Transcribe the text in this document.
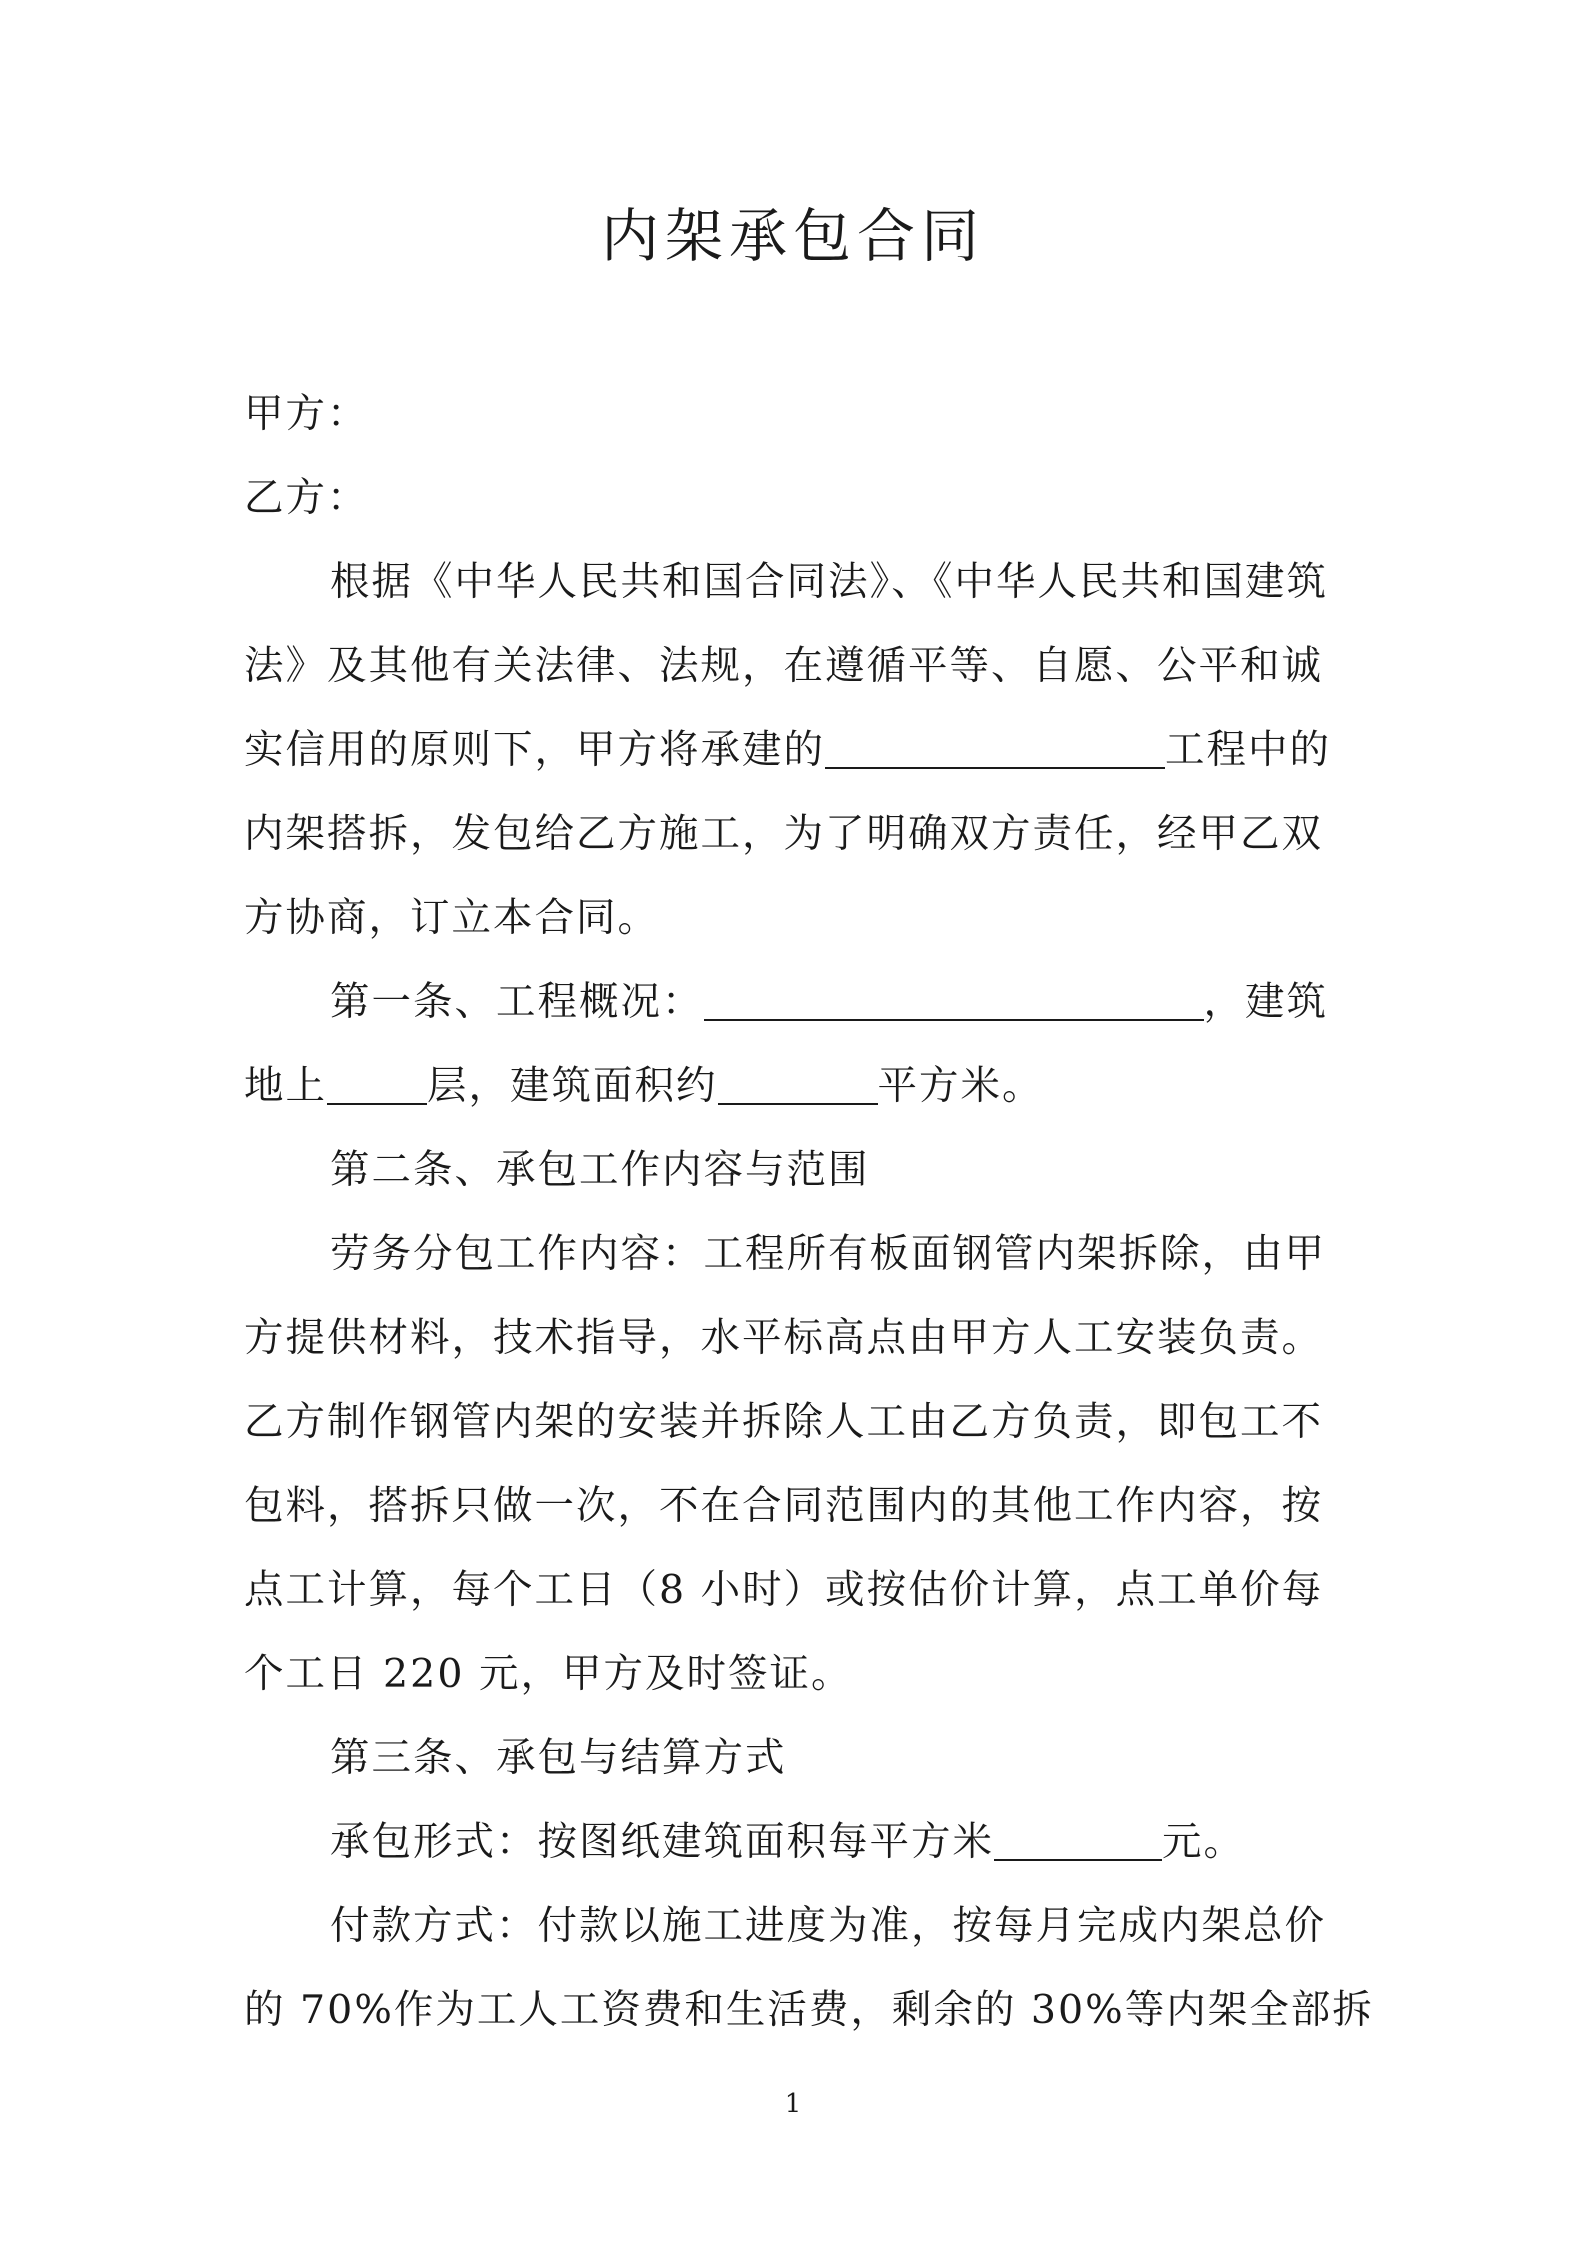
内架承包合同
甲方：
乙方：
根据《中华人民共和国合同法》、《中华人民共和国建筑
法》及其他有关法律、法规，在遵循平等、自愿、公平和诚
实信用的原则下，甲方将承建的	工程中的
内架搭拆，发包给乙方施工，为了明确双方责任，经甲乙双
方协商，订立本合同。
第一条、工程概况：	，建筑
地上	层，建筑面积约	平方米。
第二条、承包工作内容与范围
劳务分包工作内容：工程所有板面钢管内架拆除，由甲
方提供材料，技术指导，水平标高点由甲方人工安装负责。
乙方制作钢管内架的安装并拆除人工由乙方负责，即包工不
包料，搭拆只做一次，不在合同范围内的其他工作内容，按
点工计算，每个工日（8 小时）或按估价计算，点工单价每
个工日 220 元，甲方及时签证。
第三条、承包与结算方式
承包形式：按图纸建筑面积每平方米	元。
付款方式：付款以施工进度为准，按每月完成内架总价
的 70%作为工人工资费和生活费，剩余的 30%等内架全部拆
1
